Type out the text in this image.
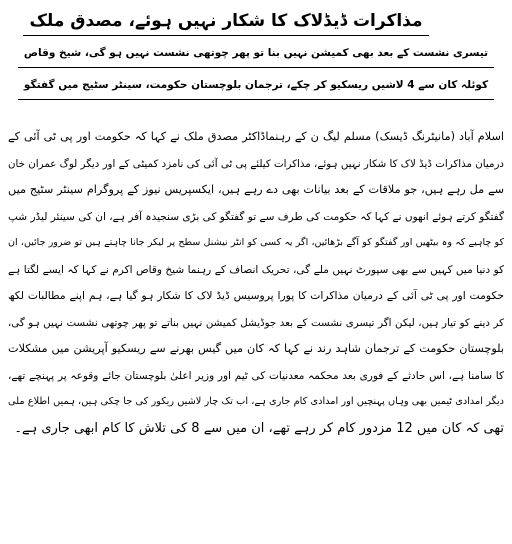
مذاکرات ڈیڈلاک کا شکار نہیں ہوئے، مصدق ملک
تیسری نشست کے بعد بھی کمیشن نہیں بنا تو پھر چوتھی نشست نہیں ہو گی، شیخ وقاص
کوئلہ کان سے 4 لاشیں ریسکیو کر چکے، ترجمان بلوچستان حکومت، سینٹر سٹیج میں گفتگو
اسلام آباد (مانیٹرنگ ڈیسک) مسلم لیگ ن کے رہنماڈاکٹر مصدق ملک نے کہا کہ حکومت اور پی ٹی آئی کے
درمیان مذاکرات ڈیڈ لاک کا شکار نہیں ہوئے، مذاکرات کیلئے پی ٹی آئی کی نامزد کمیٹی کے اور دیگر لوگ عمران خان
سے مل رہے ہیں، جو ملاقات کے بعد بیانات بھی دے رہے ہیں، ایکسپریس نیوز کے پروگرام سینٹر سٹیج میں
گفتگو کرتے ہوئے انھوں نے کہا کہ حکومت کی طرف سے تو گفتگو کی بڑی سنجیدہ آفر ہے، ان کی سینئر لیڈر شپ
کو چاہیے کہ وہ بیٹھیں اور گفتگو کو آگے بڑھائیں، اگر یہ کسی کو انٹر نیشنل سطح پر لیکر جانا چاہتے ہیں تو ضرور جائیں، ان
کو دنیا میں کہیں سے بھی سپورٹ نہیں ملے گی، تحریک انصاف کے رہنما شیخ وقاص اکرم نے کہا کہ ایسے لگتا ہے
حکومت اور پی ٹی آئی کے درمیان مذاکرات کا پورا پروسیس ڈیڈ لاک کا شکار ہو گیا ہے، ہم اپنے مطالبات لکھ
کر دینے کو تیار ہیں، لیکن اگر تیسری نشست کے بعد جوڈیشل کمیشن نہیں بناتے تو پھر چوتھی نشست نہیں ہو گی،
بلوچستان حکومت کے ترجمان شاہد رند نے کہا کہ کان میں گیس بھرنے سے ریسکیو آپریشن میں مشکلات
کا سامنا ہے، اس حادثے کے فوری بعد محکمہ معدنیات کی ٹیم اور وزیر اعلیٰ بلوچستان جائے وقوعہ پر پہنچے تھے،
دیگر امدادی ٹیمیں بھی وہاں پہنچیں اور امدادی کام جاری ہے، اب تک چار لاشیں ریکور کی جا چکی ہیں، ہمیں اطلاع ملی
تھی کہ کان میں 12 مزدور کام کر رہے تھے، ان میں سے 8 کی تلاش کا کام ابھی جاری ہے۔
